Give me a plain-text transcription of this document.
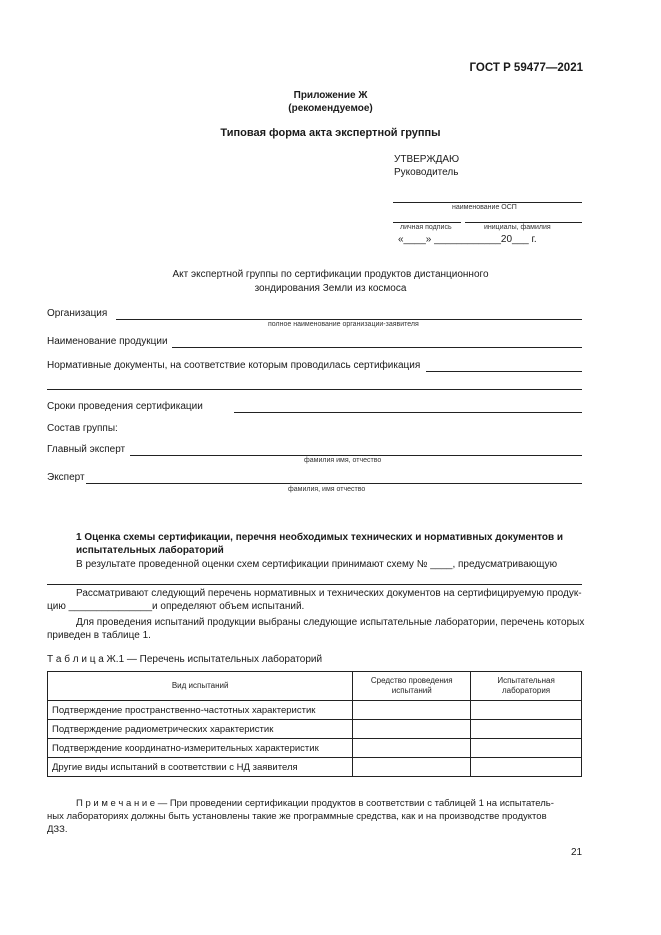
ГОСТ Р 59477—2021
Приложение Ж
(рекомендуемое)
Типовая форма акта экспертной группы
УТВЕРЖДАЮ
Руководитель
наименование ОСП
личная подпись	инициалы, фамилия
«____» ____________20___ г.
Акт экспертной группы по сертификации продуктов дистанционного
зондирования Земли из космоса
Организация
полное наименование организации-заявителя
Наименование продукции
Нормативные документы, на соответствие которым проводилась сертификация
Сроки проведения сертификации
Состав группы:
Главный эксперт
фамилия имя, отчество
Эксперт
фамилия, имя отчество
1 Оценка схемы сертификации, перечня необходимых технических и нормативных документов и
испытательных лабораторий
В результате проведенной оценки схем сертификации принимают схему № ____, предусматривающую
Рассматривают следующий перечень нормативных и технических документов на сертифицируемую продук-
цию _______________и определяют объем испытаний.
Для проведения испытаний продукции выбраны следующие испытательные лаборатории, перечень которых
приведен в таблице 1.
Т а б л и ц а Ж.1 — Перечень испытательных лабораторий
Вид испытаний	Средство проведения испытаний	Испытательная лаборатория
Подтверждение пространственно-частотных характеристик		
Подтверждение радиометрических характеристик		
Подтверждение координатно-измерительных характеристик		
Другие виды испытаний в соответствии с НД заявителя		
П р и м е ч а н и е — При проведении сертификации продуктов в соответствии с таблицей 1 на испытатель-
ных лабораториях должны быть установлены такие же программные средства, как и на производстве продуктов
ДЗЗ.
21
